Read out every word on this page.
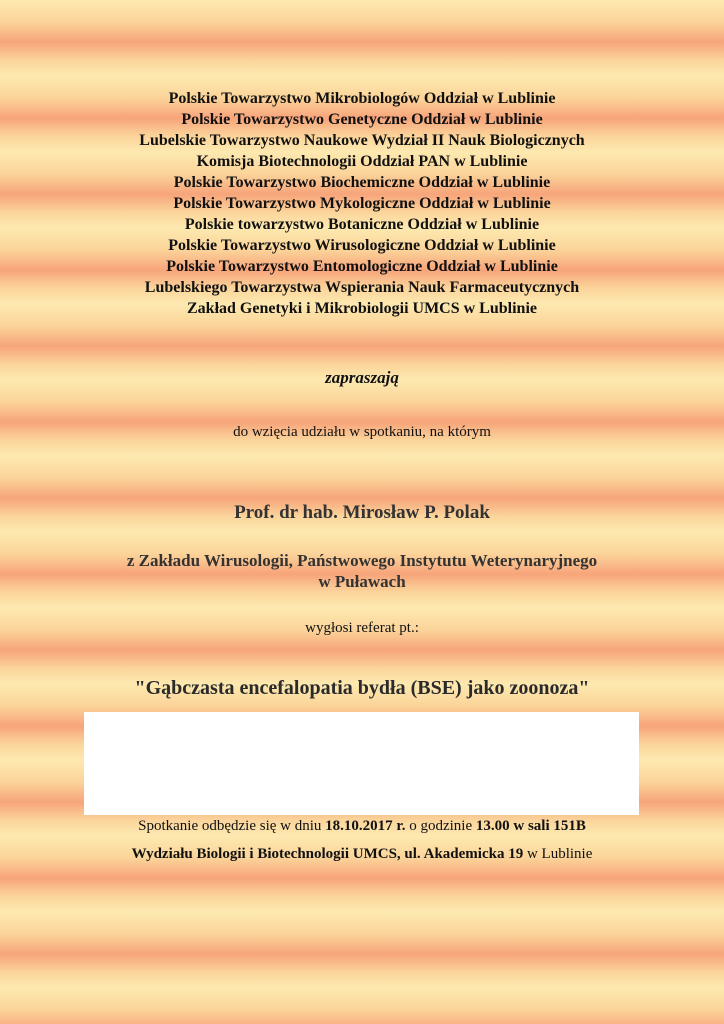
Polskie Towarzystwo Mikrobiologów Oddział w Lublinie
Polskie Towarzystwo Genetyczne Oddział w Lublinie
Lubelskie Towarzystwo Naukowe Wydział II Nauk Biologicznych
Komisja Biotechnologii Oddział PAN w Lublinie
Polskie Towarzystwo Biochemiczne Oddział w Lublinie
Polskie Towarzystwo Mykologiczne Oddział w Lublinie
Polskie towarzystwo Botaniczne Oddział w Lublinie
Polskie Towarzystwo Wirusologiczne Oddział w Lublinie
Polskie Towarzystwo Entomologiczne Oddział w Lublinie
Lubelskiego Towarzystwa Wspierania Nauk Farmaceutycznych
Zakład Genetyki i Mikrobiologii UMCS w Lublinie
zapraszają
do wzięcia udziału w spotkaniu, na którym
Prof. dr hab. Mirosław P. Polak
z Zakładu Wirusologii, Państwowego Instytutu Weterynaryjnego
w Puławach
wygłosi referat pt.:
"Gąbczasta encefalopatia bydła (BSE) jako zoonoza"
Spotkanie odbędzie się w dniu 18.10.2017 r. o godzinie 13.00 w sali 151B
Wydziału Biologii i Biotechnologii UMCS, ul. Akademicka 19 w Lublinie
